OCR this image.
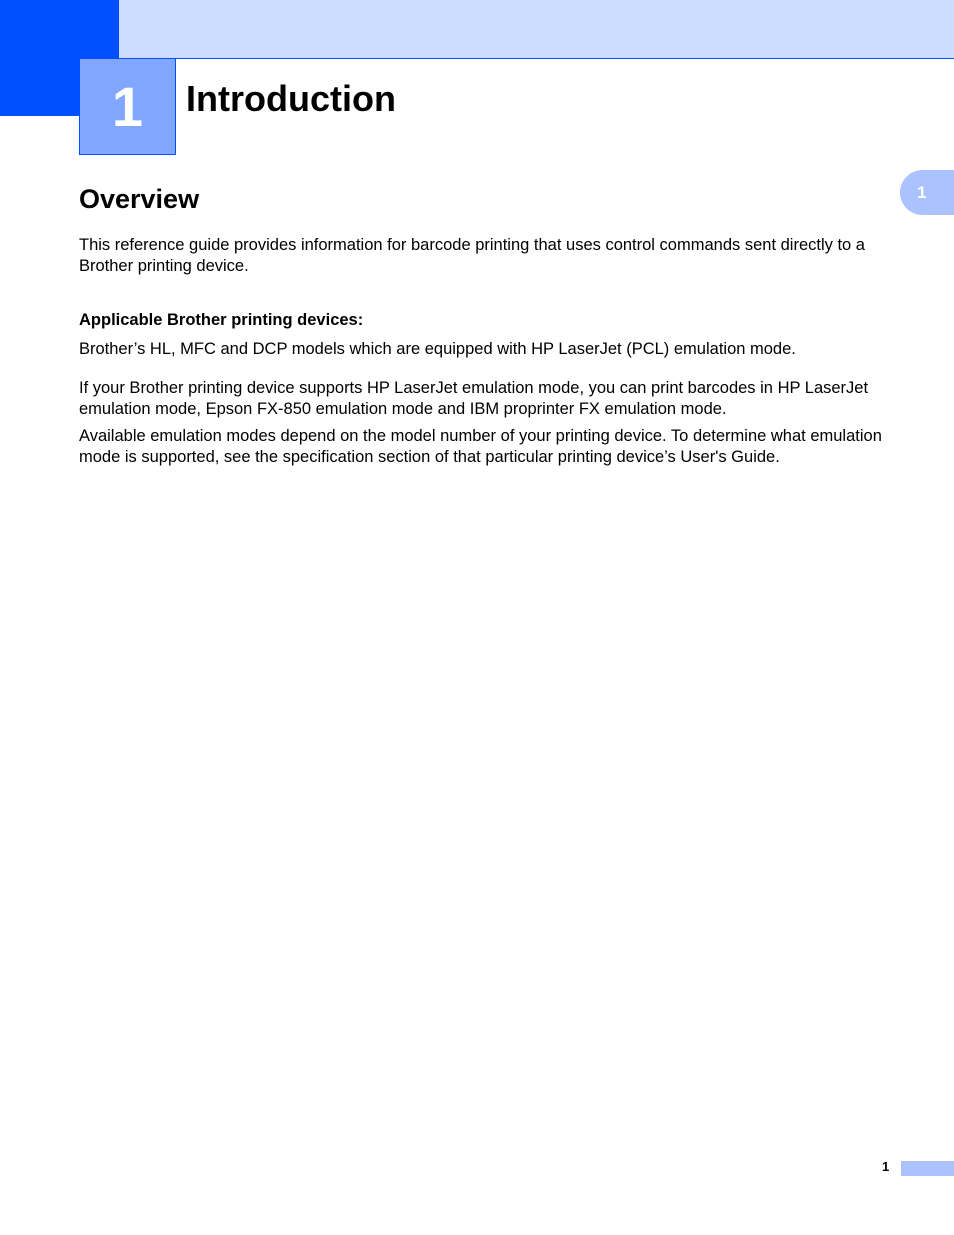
1 Introduction
1
Overview

This reference guide provides information for barcode printing that uses control commands sent directly to a Brother printing device.

Applicable Brother printing devices:

Brother’s HL, MFC and DCP models which are equipped with HP LaserJet (PCL) emulation mode.

If your Brother printing device supports HP LaserJet emulation mode, you can print barcodes in HP LaserJet emulation mode, Epson FX-850 emulation mode and IBM proprinter FX emulation mode.

Available emulation modes depend on the model number of your printing device. To determine what emulation mode is supported, see the specification section of that particular printing device’s User's Guide.

1
